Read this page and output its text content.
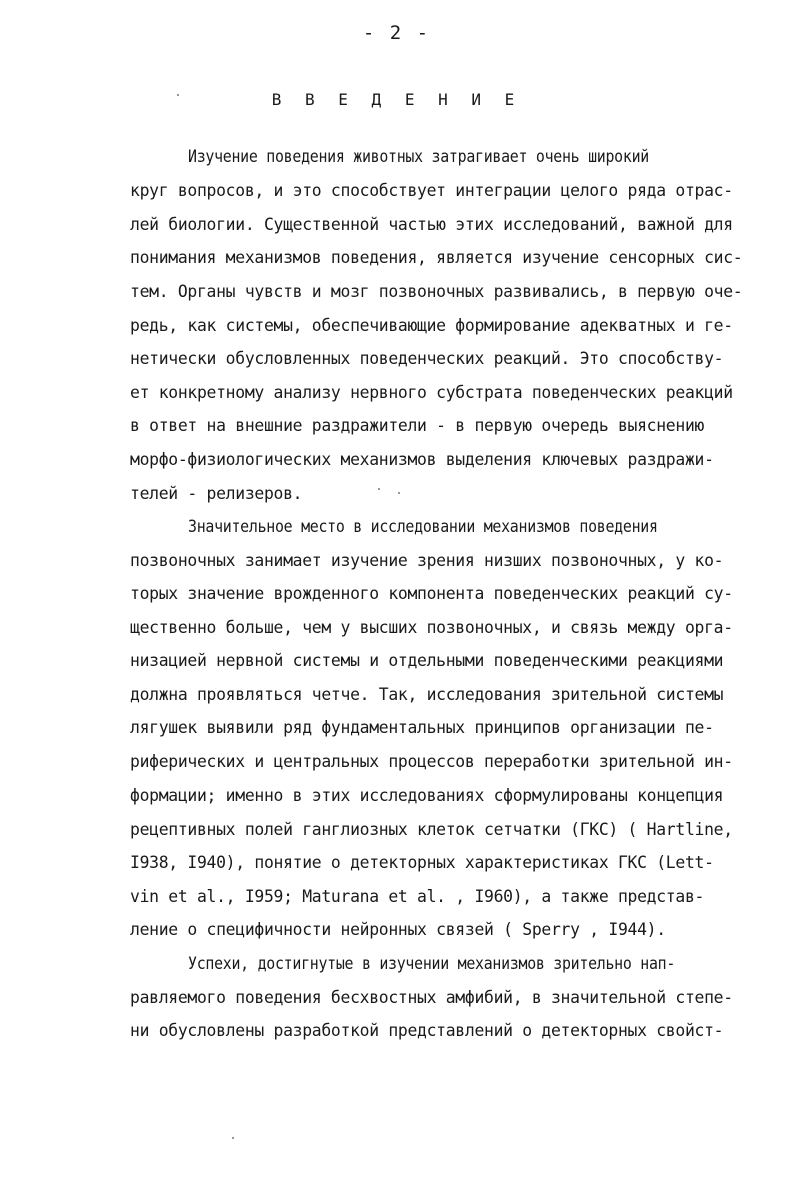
- 2 -
В В Е Д Е Н И Е
Изучение поведения животных затрагивает очень широкий
круг вопросов, и это способствует интеграции целого ряда отрас-
лей биологии. Существенной частью этих исследований, важной для
понимания механизмов поведения, является изучение сенсорных сис-
тем. Органы чувств и мозг позвоночных развивались, в первую оче-
редь, как системы, обеспечивающие формирование адекватных и ге-
нетически обусловленных поведенческих реакций. Это способству-
ет конкретному анализу нервного субстрата поведенческих реакций
в ответ на внешние раздражители - в первую очередь выяснению
морфо-физиологических механизмов выделения ключевых раздражи-
телей - релизеров.
Значительное место в исследовании механизмов поведения
позвоночных занимает изучение зрения низших позвоночных, у ко-
торых значение врожденного компонента поведенческих реакций су-
щественно больше, чем у высших позвоночных, и связь между орга-
низацией нервной системы и отдельными поведенческими реакциями
должна проявляться четче. Так, исследования зрительной системы
лягушек выявили ряд фундаментальных принципов организации пе-
риферических и центральных процессов переработки зрительной ин-
формации; именно в этих исследованиях сформулированы концепция
рецептивных полей ганглиозных клеток сетчатки (ГКС) ( Hartline,
I938, I940), понятие о детекторных характеристиках ГКС (Lett-
vin et al., I959; Maturana et al. , I960), а также представ-
ление о специфичности нейронных связей ( Sperry , I944).
Успехи, достигнутые в изучении механизмов зрительно нап-
равляемого поведения бесхвостных амфибий, в значительной степе-
ни обусловлены разработкой представлений о детекторных свойст-
